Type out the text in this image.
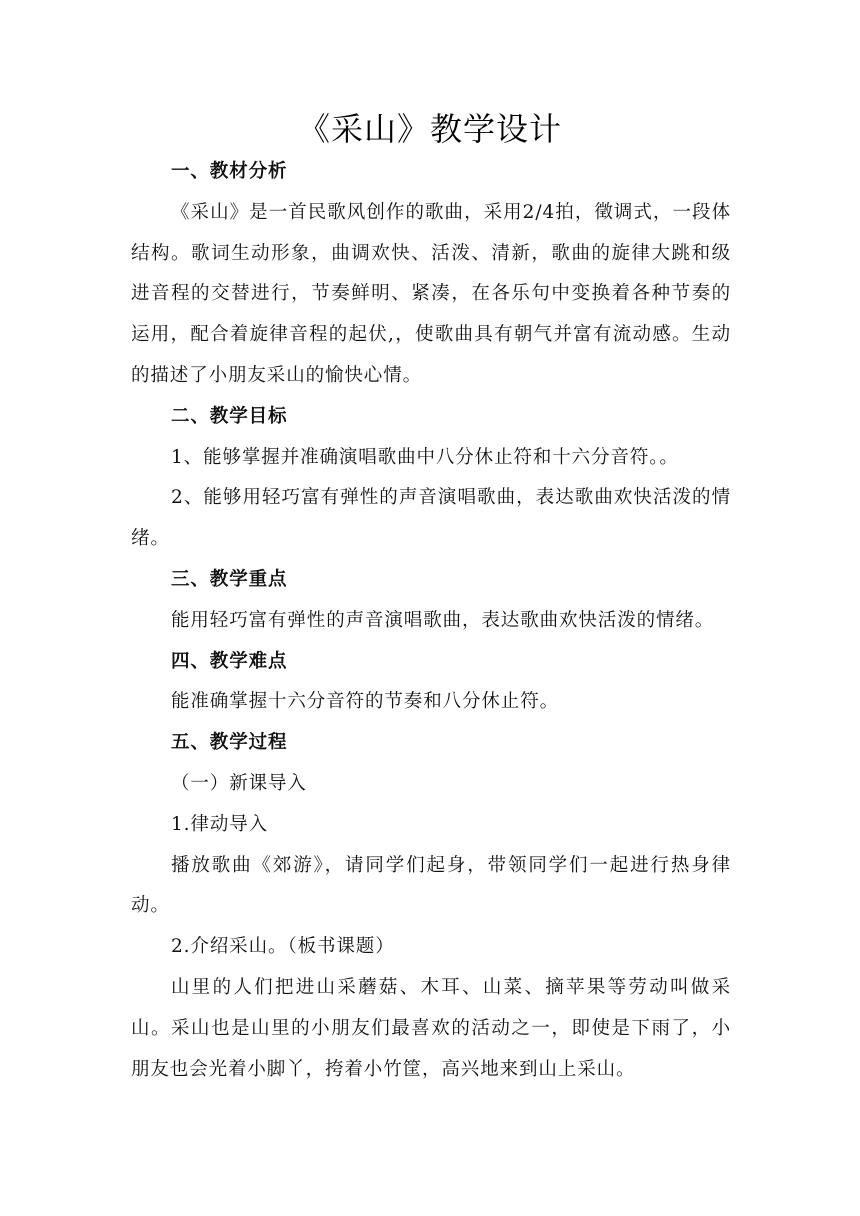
《采山》教学设计
一、教材分析
《采山》是一首民歌风创作的歌曲，采用2/4拍，徵调式，一段体结构。歌词生动形象，曲调欢快、活泼、清新，歌曲的旋律大跳和级进音程的交替进行，节奏鲜明、紧凑，在各乐句中变换着各种节奏的运用，配合着旋律音程的起伏,，使歌曲具有朝气并富有流动感。生动的描述了小朋友采山的愉快心情。
二、教学目标
1、能够掌握并准确演唱歌曲中八分休止符和十六分音符。。
2、能够用轻巧富有弹性的声音演唱歌曲，表达歌曲欢快活泼的情绪。
三、教学重点
能用轻巧富有弹性的声音演唱歌曲，表达歌曲欢快活泼的情绪。
四、教学难点
能准确掌握十六分音符的节奏和八分休止符。
五、教学过程
（一）新课导入
1.律动导入
播放歌曲《郊游》，请同学们起身，带领同学们一起进行热身律动。
2.介绍采山。（板书课题）
山里的人们把进山采蘑菇、木耳、山菜、摘苹果等劳动叫做采山。采山也是山里的小朋友们最喜欢的活动之一，即使是下雨了，小朋友也会光着小脚丫，挎着小竹筐，高兴地来到山上采山。
